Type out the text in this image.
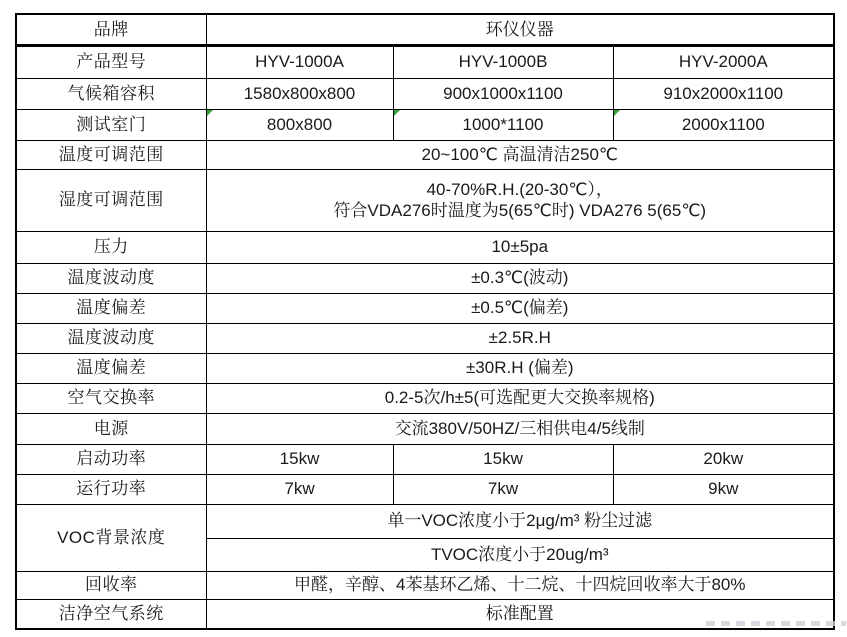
品牌	环仪仪器		
产品型号	HYV-1000A	HYV-1000B	HYV-2000A
气候箱容积	1580x800x800	900x1000x1100	910x2000x1100
测试室门	800x800	1000*1100	2000x1100
温度可调范围	20~100℃ 高温清洁250℃		
湿度可调范围	40-70%R.H.(20-30℃），
符合VDA276时温度为5(65℃时) VDA276 5(65℃)		

压力	10±5pa		
温度波动度	±0.3℃(波动)		
温度偏差	±0.5℃(偏差)		
温度波动度	±2.5R.H		
温度偏差	±30R.H (偏差)		
空气交换率	0.2-5次/h±5(可选配更大交换率规格)		
电源	交流380V/50HZ/三相供电4/5线制		
启动功率	15kw	15kw	20kw
运行功率	7kw	7kw	9kw
VOC背景浓度	单一VOC浓度小于2μg/m³ 粉尘过滤		
	TVOC浓度小于20ug/m³		
回收率	甲醛，辛醇、4苯基环乙烯、十二烷、十四烷回收率大于80%		
洁净空气系统	标准配置		
